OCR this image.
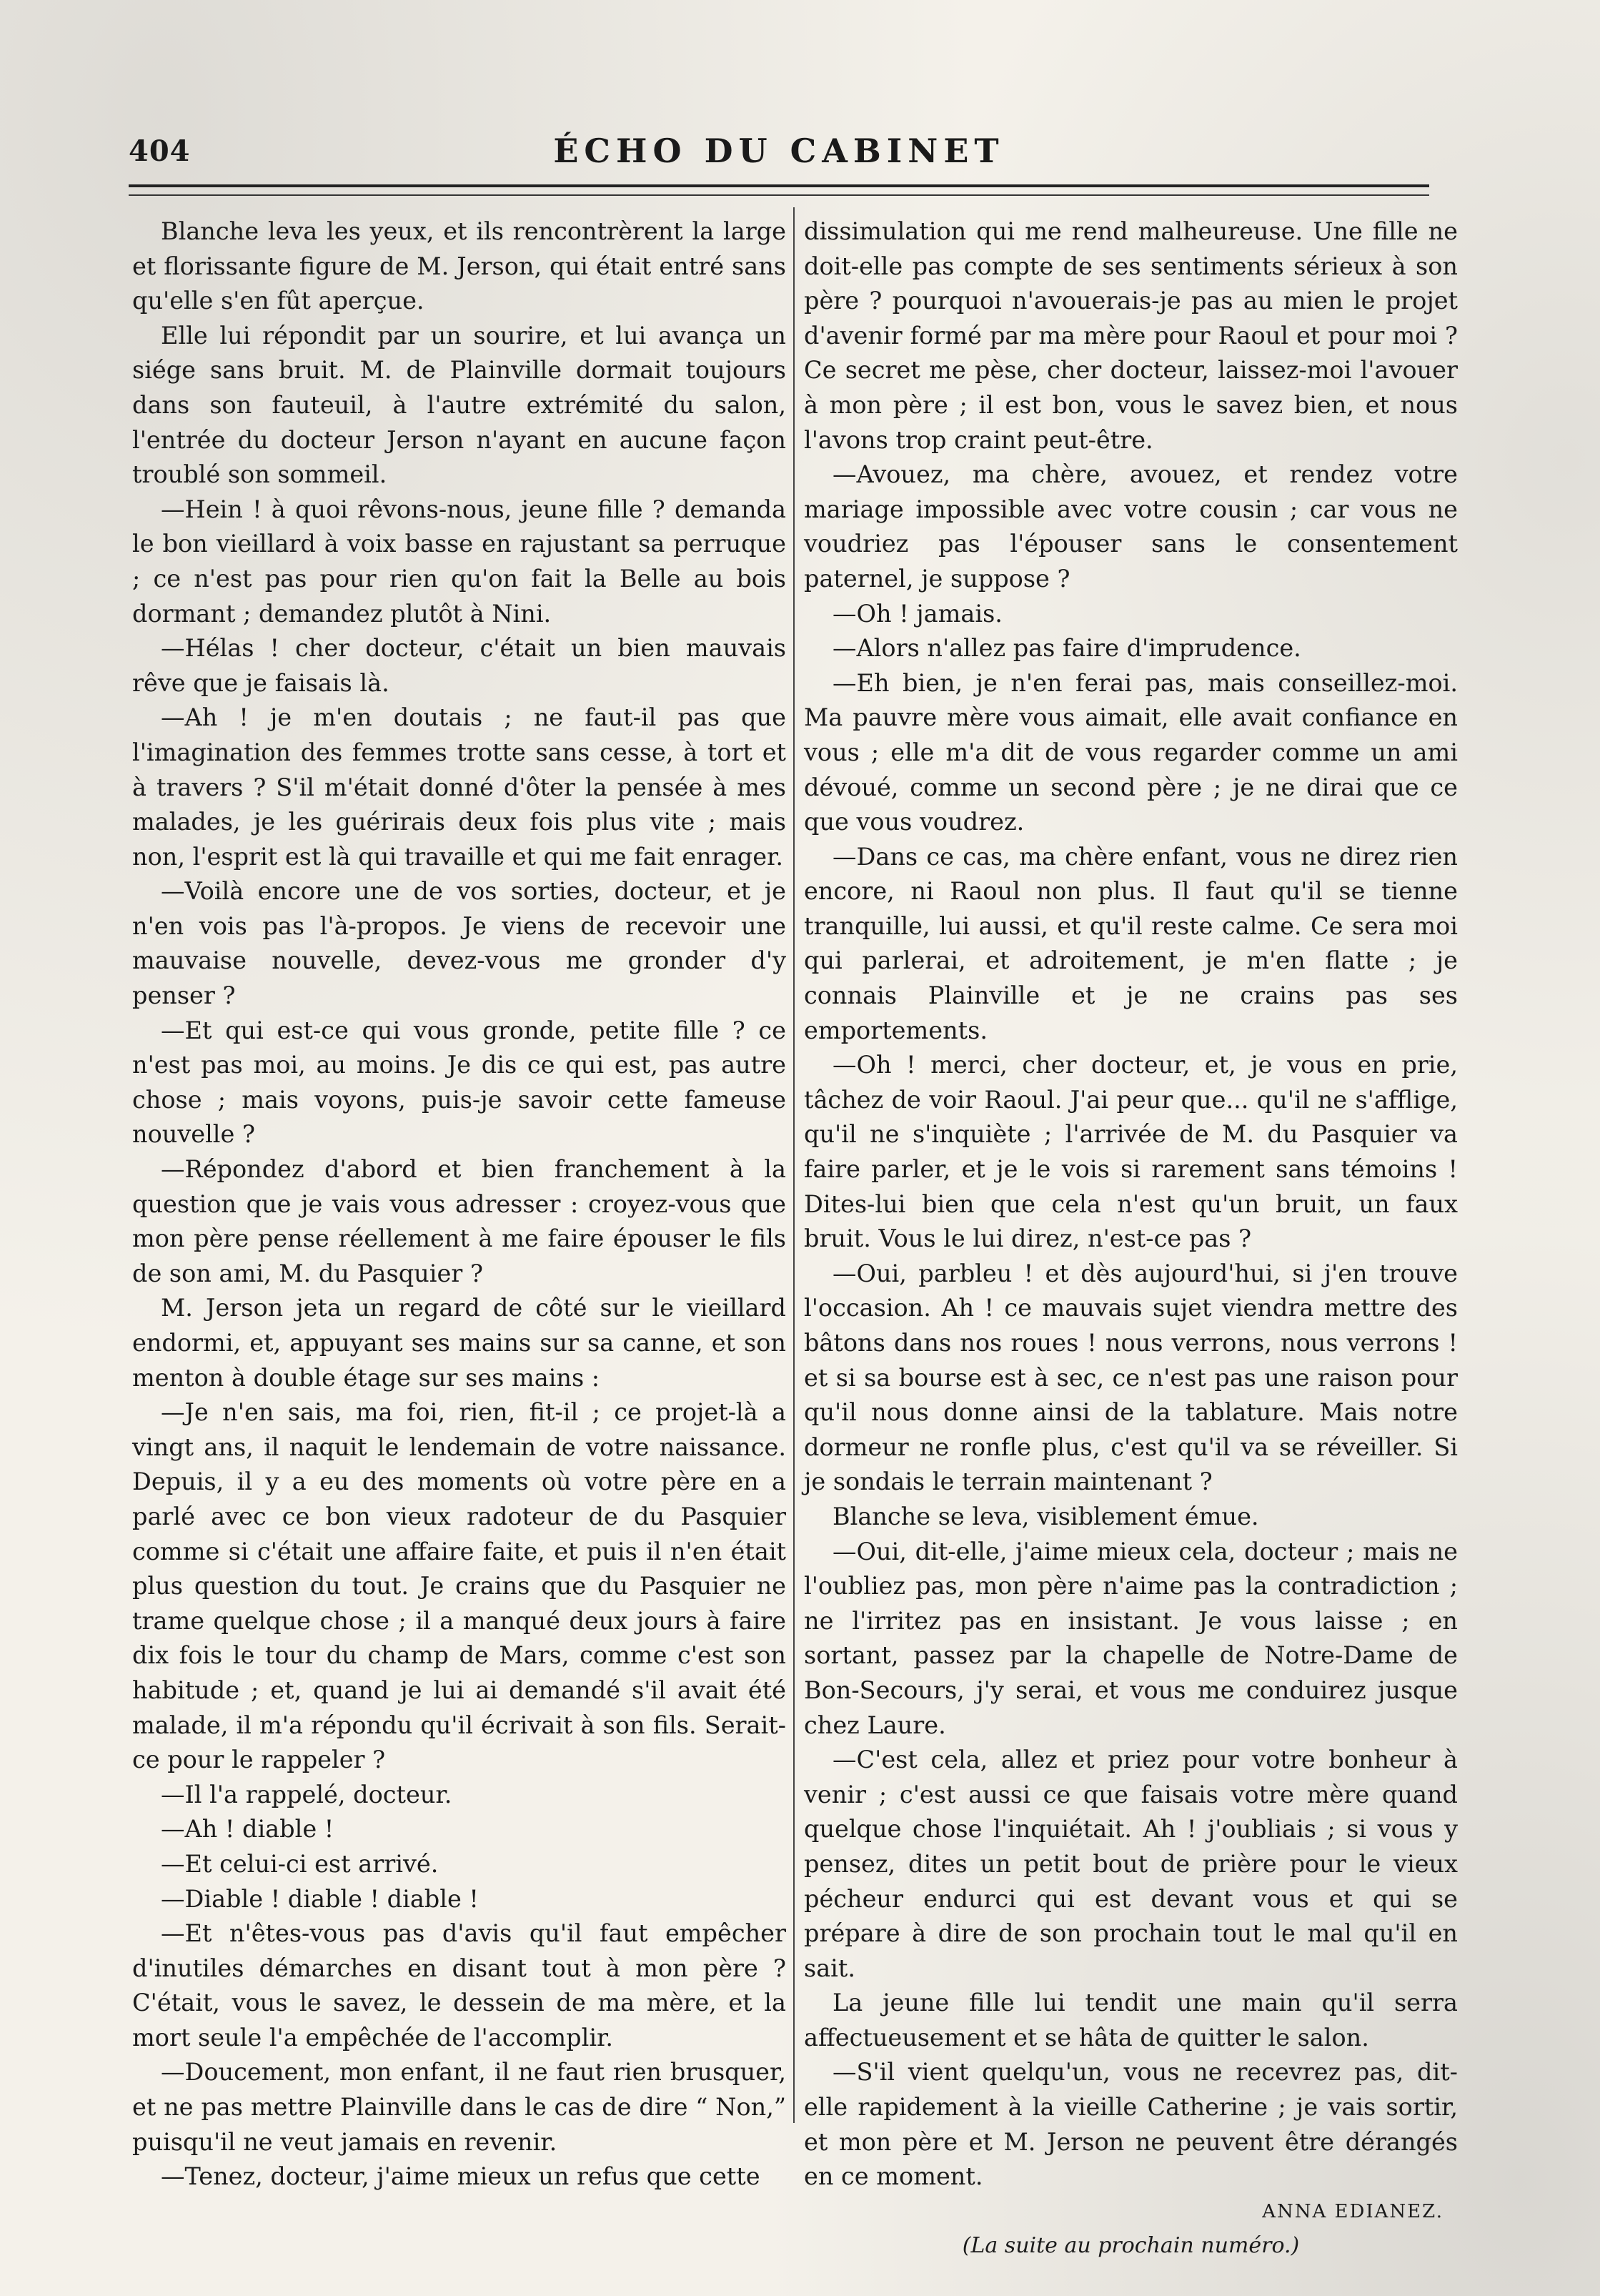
404	ÉCHO DU CABINET

Blanche leva les yeux, et ils rencontrèrent la large et florissante figure de M. Jerson, qui était entré sans qu'elle s'en fût aperçue.

Elle lui répondit par un sourire, et lui avança un siége sans bruit. M. de Plainville dormait toujours dans son fauteuil, à l'autre extrémité du salon, l'entrée du docteur Jerson n'ayant en aucune façon troublé son sommeil.

—Hein ! à quoi rêvons-nous, jeune fille ? demanda le bon vieillard à voix basse en rajustant sa perruque ; ce n'est pas pour rien qu'on fait la Belle au bois dormant ; demandez plutôt à Nini.

—Hélas ! cher docteur, c'était un bien mauvais rêve que je faisais là.

—Ah ! je m'en doutais ; ne faut-il pas que l'imagination des femmes trotte sans cesse, à tort et à travers ? S'il m'était donné d'ôter la pensée à mes malades, je les guérirais deux fois plus vite ; mais non, l'esprit est là qui travaille et qui me fait enrager.

—Voilà encore une de vos sorties, docteur, et je n'en vois pas l'à-propos. Je viens de recevoir une mauvaise nouvelle, devez-vous me gronder d'y penser ?

—Et qui est-ce qui vous gronde, petite fille ? ce n'est pas moi, au moins. Je dis ce qui est, pas autre chose ; mais voyons, puis-je savoir cette fameuse nouvelle ?

—Répondez d'abord et bien franchement à la question que je vais vous adresser : croyez-vous que mon père pense réellement à me faire épouser le fils de son ami, M. du Pasquier ?

M. Jerson jeta un regard de côté sur le vieillard endormi, et, appuyant ses mains sur sa canne, et son menton à double étage sur ses mains :

—Je n'en sais, ma foi, rien, fit-il ; ce projet-là a vingt ans, il naquit le lendemain de votre naissance. Depuis, il y a eu des moments où votre père en a parlé avec ce bon vieux radoteur de du Pasquier comme si c'était une affaire faite, et puis il n'en était plus question du tout. Je crains que du Pasquier ne trame quelque chose ; il a manqué deux jours à faire dix fois le tour du champ de Mars, comme c'est son habitude ; et, quand je lui ai demandé s'il avait été malade, il m'a répondu qu'il écrivait à son fils. Serait-ce pour le rappeler ?

—Il l'a rappelé, docteur.

—Ah ! diable !

—Et celui-ci est arrivé.

—Diable ! diable ! diable !

—Et n'êtes-vous pas d'avis qu'il faut empêcher d'inutiles démarches en disant tout à mon père ? C'était, vous le savez, le dessein de ma mère, et la mort seule l'a empêchée de l'accomplir.

—Doucement, mon enfant, il ne faut rien brusquer, et ne pas mettre Plainville dans le cas de dire “ Non,” puisqu'il ne veut jamais en revenir.

—Tenez, docteur, j'aime mieux un refus que cette

dissimulation qui me rend malheureuse. Une fille ne doit-elle pas compte de ses sentiments sérieux à son père ? pourquoi n'avouerais-je pas au mien le projet d'avenir formé par ma mère pour Raoul et pour moi ? Ce secret me pèse, cher docteur, laissez-moi l'avouer à mon père ; il est bon, vous le savez bien, et nous l'avons trop craint peut-être.

—Avouez, ma chère, avouez, et rendez votre mariage impossible avec votre cousin ; car vous ne voudriez pas l'épouser sans le consentement paternel, je suppose ?

—Oh ! jamais.

—Alors n'allez pas faire d'imprudence.

—Eh bien, je n'en ferai pas, mais conseillez-moi. Ma pauvre mère vous aimait, elle avait confiance en vous ; elle m'a dit de vous regarder comme un ami dévoué, comme un second père ; je ne dirai que ce que vous voudrez.

—Dans ce cas, ma chère enfant, vous ne direz rien encore, ni Raoul non plus. Il faut qu'il se tienne tranquille, lui aussi, et qu'il reste calme. Ce sera moi qui parlerai, et adroitement, je m'en flatte ; je connais Plainville et je ne crains pas ses emportements.

—Oh ! merci, cher docteur, et, je vous en prie, tâchez de voir Raoul. J'ai peur que... qu'il ne s'afflige, qu'il ne s'inquiète ; l'arrivée de M. du Pasquier va faire parler, et je le vois si rarement sans témoins ! Dites-lui bien que cela n'est qu'un bruit, un faux bruit. Vous le lui direz, n'est-ce pas ?

—Oui, parbleu ! et dès aujourd'hui, si j'en trouve l'occasion. Ah ! ce mauvais sujet viendra mettre des bâtons dans nos roues ! nous verrons, nous verrons ! et si sa bourse est à sec, ce n'est pas une raison pour qu'il nous donne ainsi de la tablature. Mais notre dormeur ne ronfle plus, c'est qu'il va se réveiller. Si je sondais le terrain maintenant ?

Blanche se leva, visiblement émue.

—Oui, dit-elle, j'aime mieux cela, docteur ; mais ne l'oubliez pas, mon père n'aime pas la contradiction ; ne l'irritez pas en insistant. Je vous laisse ; en sortant, passez par la chapelle de Notre-Dame de Bon-Secours, j'y serai, et vous me conduirez jusque chez Laure.

—C'est cela, allez et priez pour votre bonheur à venir ; c'est aussi ce que faisais votre mère quand quelque chose l'inquiétait. Ah ! j'oubliais ; si vous y pensez, dites un petit bout de prière pour le vieux pécheur endurci qui est devant vous et qui se prépare à dire de son prochain tout le mal qu'il en sait.

La jeune fille lui tendit une main qu'il serra affectueusement et se hâta de quitter le salon.

—S'il vient quelqu'un, vous ne recevrez pas, dit-elle rapidement à la vieille Catherine ; je vais sortir, et mon père et M. Jerson ne peuvent être dérangés en ce moment.

ANNA EDIANEZ.
(La suite au prochain numéro.)
